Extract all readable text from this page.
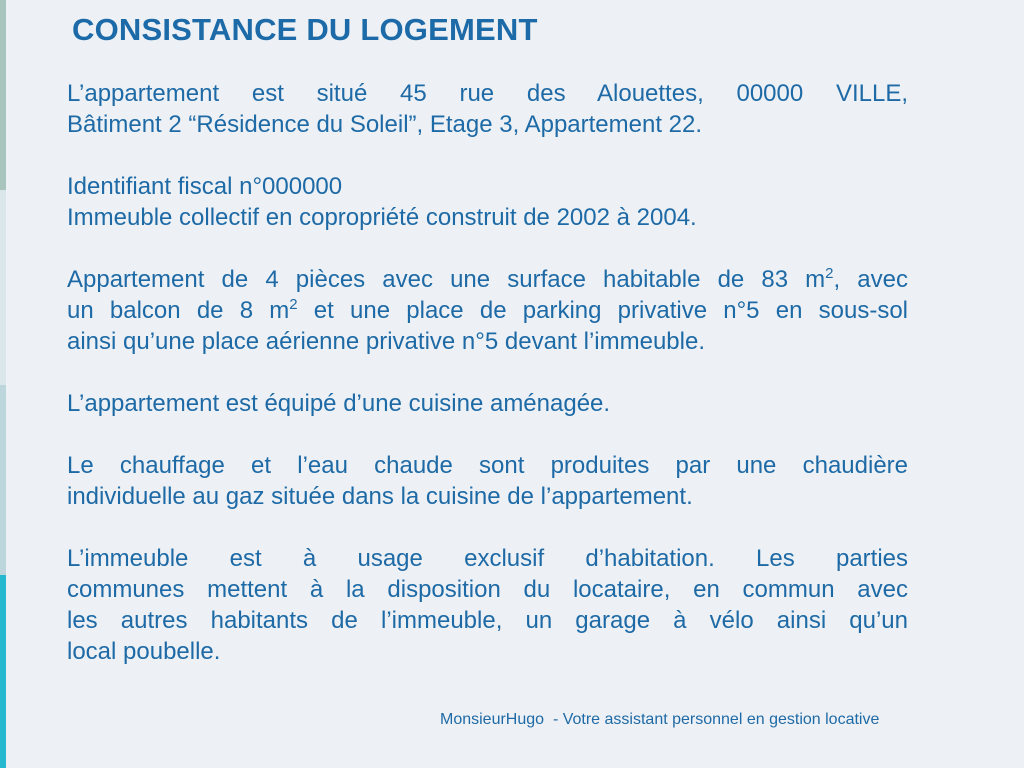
CONSISTANCE DU LOGEMENT

L’appartement est situé 45 rue des Alouettes, 00000 VILLE,
Bâtiment 2 “Résidence du Soleil”, Etage 3, Appartement 22.

Identifiant fiscal n°000000
Immeuble collectif en copropriété construit de 2002 à 2004.

Appartement de 4 pièces avec une surface habitable de 83 $m^2$, avec
un balcon de 8 $m^2$ et une place de parking privative n°5 en sous-sol
ainsi qu’une place aérienne privative n°5 devant l’immeuble.

L’appartement est équipé d’une cuisine aménagée.

Le chauffage et l’eau chaude sont produites par une chaudière
individuelle au gaz située dans la cuisine de l’appartement.

L’immeuble est à usage exclusif d’habitation. Les parties
communes mettent à la disposition du locataire, en commun avec
les autres habitants de l’immeuble, un garage à vélo ainsi qu’un
local poubelle.

MonsieurHugo  - Votre assistant personnel en gestion locative
